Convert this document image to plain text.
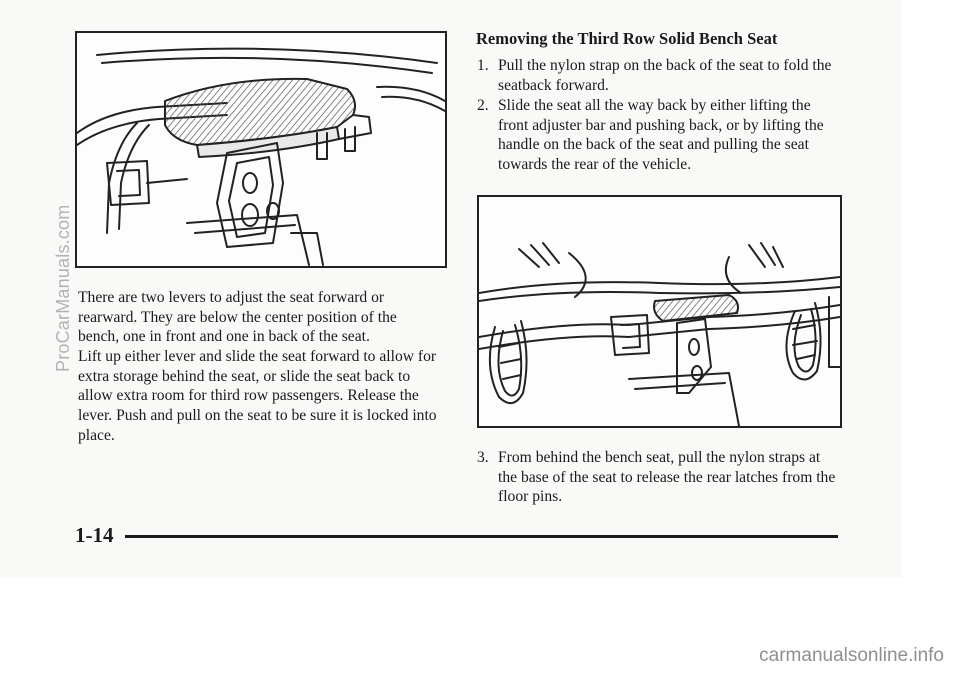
There are two levers to adjust the seat forward or rearward. They are below the center position of the bench, one in front and one in back of the seat.

Lift up either lever and slide the seat forward to allow for extra storage behind the seat, or slide the seat back to allow extra room for third row passengers. Release the lever. Push and pull on the seat to be sure it is locked into place.

Removing the Third Row Solid Bench Seat
1. Pull the nylon strap on the back of the seat to fold the seatback forward.
2. Slide the seat all the way back by either lifting the front adjuster bar and pushing back, or by lifting the handle on the back of the seat and pulling the seat towards the rear of the vehicle.
3. From behind the bench seat, pull the nylon straps at the base of the seat to release the rear latches from the floor pins.

1-14

ProCarManuals.com
carmanualsonline.info
